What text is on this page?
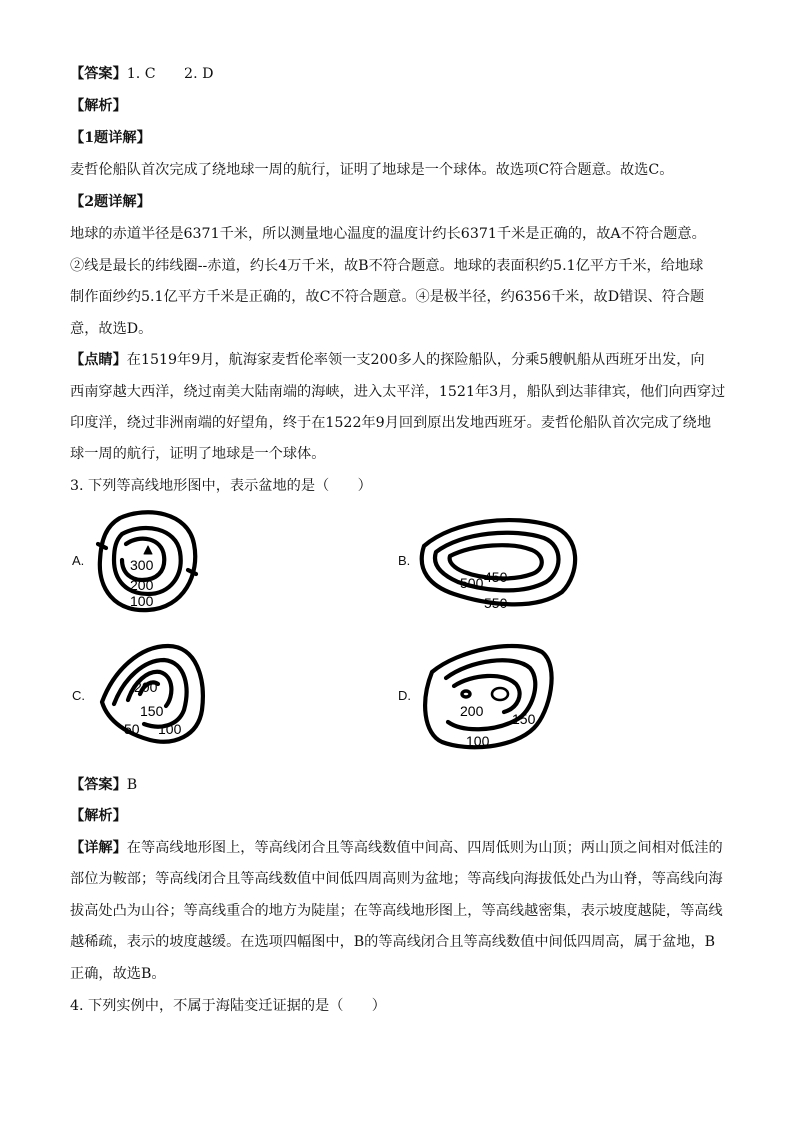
【答案】1. C　　2. D
【解析】
【1题详解】
麦哲伦船队首次完成了绕地球一周的航行，证明了地球是一个球体。故选项C符合题意。故选C。
【2题详解】
地球的赤道半径是6371千米，所以测量地心温度的温度计约长6371千米是正确的，故A不符合题意。
②线是最长的纬线圈--赤道，约长4万千米，故B不符合题意。地球的表面积约5.1亿平方千米，给地球
制作面纱约5.1亿平方千米是正确的，故C不符合题意。④是极半径，约6356千米，故D错误、符合题
意，故选D。
【点睛】在1519年9月，航海家麦哲伦率领一支200多人的探险船队，分乘5艘帆船从西班牙出发，向
西南穿越大西洋，绕过南美大陆南端的海峡，进入太平洋，1521年3月，船队到达菲律宾，他们向西穿过
印度洋，绕过非洲南端的好望角，终于在1522年9月回到原出发地西班牙。麦哲伦船队首次完成了绕地
球一周的航行，证明了地球是一个球体。
3. 下列等高线地形图中，表示盆地的是（　　）
A.	300
200
100
B.
500 450
550
C.
200
150
50 100
D.
200 150
100
【答案】B
【解析】
【详解】在等高线地形图上，等高线闭合且等高线数值中间高、四周低则为山顶；两山顶之间相对低洼的
部位为鞍部；等高线闭合且等高线数值中间低四周高则为盆地；等高线向海拔低处凸为山脊，等高线向海
拔高处凸为山谷；等高线重合的地方为陡崖；在等高线地形图上，等高线越密集，表示坡度越陡，等高线
越稀疏，表示的坡度越缓。在选项四幅图中，B的等高线闭合且等高线数值中间低四周高，属于盆地，B
正确，故选B。
4. 下列实例中，不属于海陆变迁证据的是（　　）
